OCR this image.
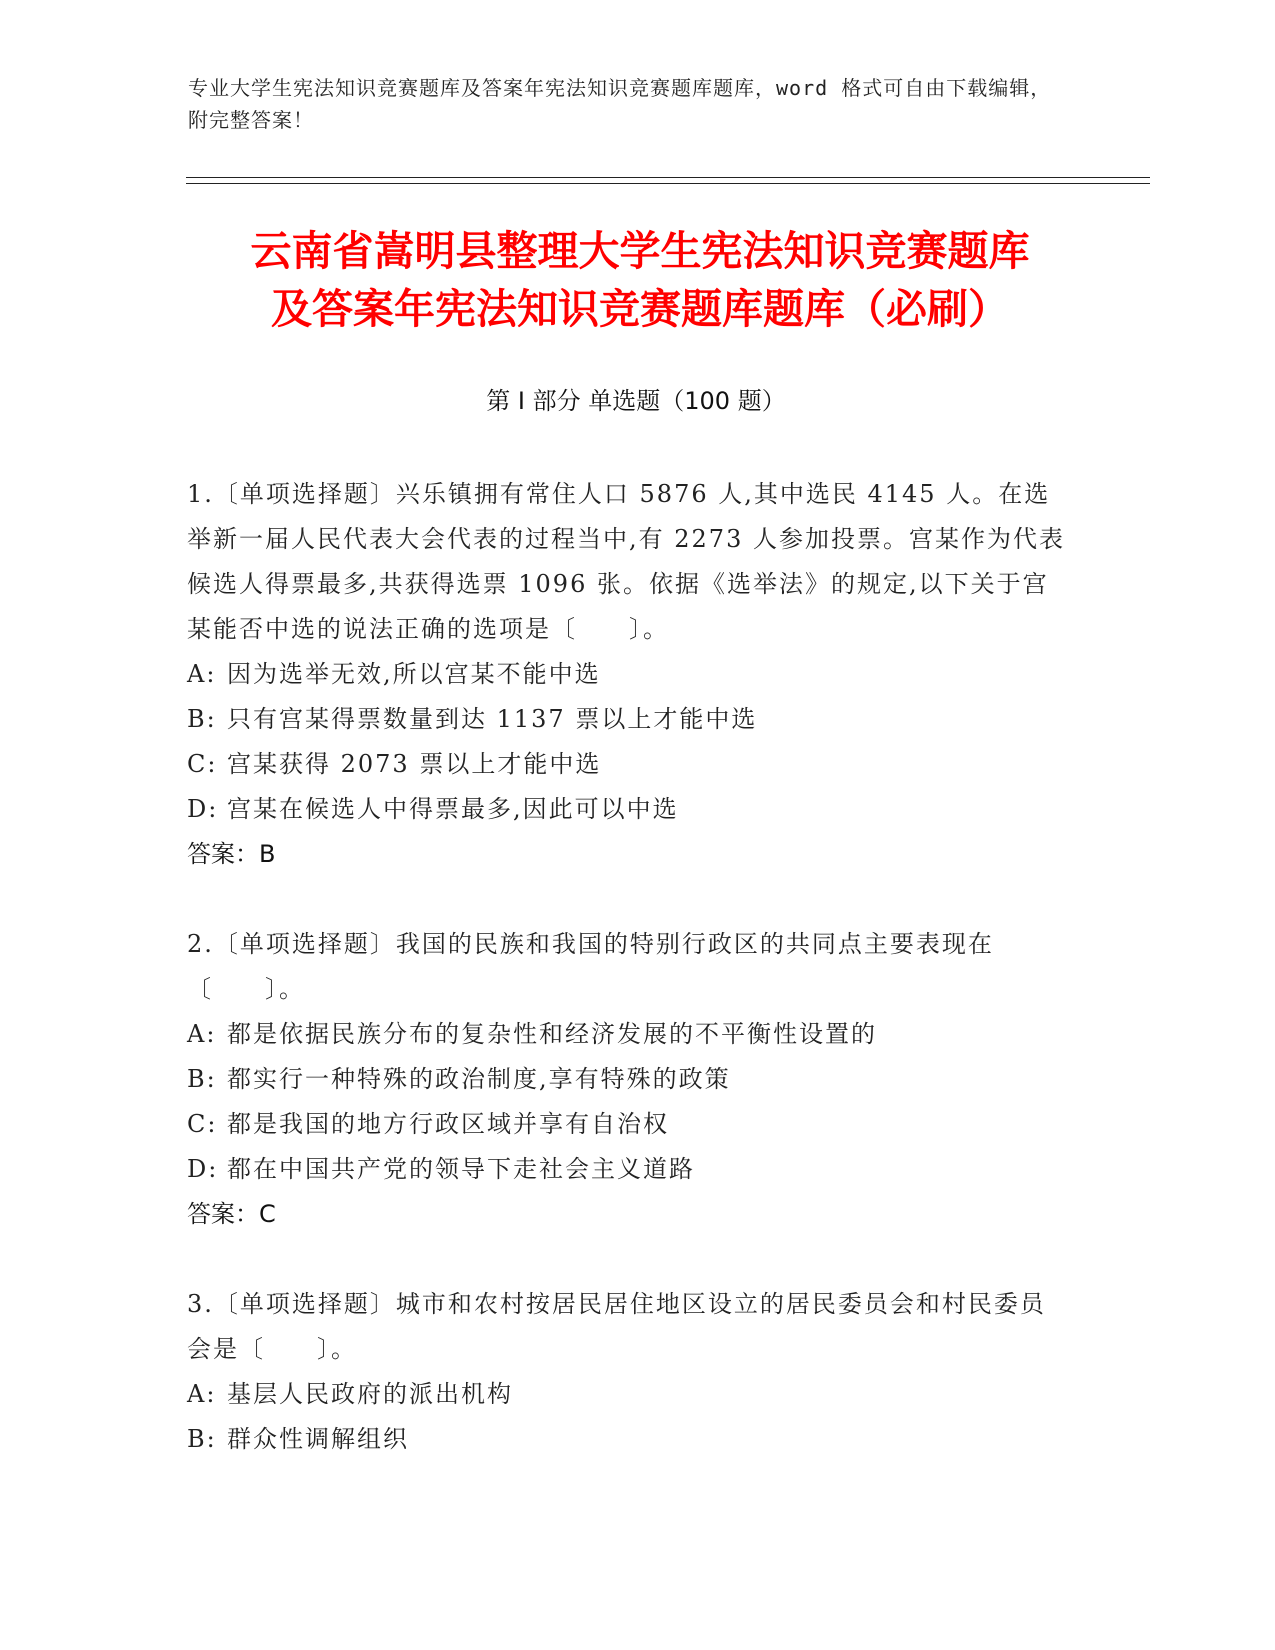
专业大学生宪法知识竞赛题库及答案年宪法知识竞赛题库题库，word 格式可自由下载编辑，附完整答案！
云南省嵩明县整理大学生宪法知识竞赛题库
及答案年宪法知识竞赛题库题库（必刷）
第 I 部分 单选题（100 题）
1.〔单项选择题〕兴乐镇拥有常住人口 5876 人,其中选民 4145 人。在选举新一届人民代表大会代表的过程当中,有 2273 人参加投票。宫某作为代表候选人得票最多,共获得选票 1096 张。依据《选举法》的规定,以下关于宫某能否中选的说法正确的选项是〔　　〕。
A: 因为选举无效,所以宫某不能中选
B: 只有宫某得票数量到达 1137 票以上才能中选
C: 宫某获得 2073 票以上才能中选
D: 宫某在候选人中得票最多,因此可以中选
答案：B
2.〔单项选择题〕我国的民族和我国的特别行政区的共同点主要表现在〔　　〕。
A: 都是依据民族分布的复杂性和经济发展的不平衡性设置的
B: 都实行一种特殊的政治制度,享有特殊的政策
C: 都是我国的地方行政区域并享有自治权
D: 都在中国共产党的领导下走社会主义道路
答案：C
3.〔单项选择题〕城市和农村按居民居住地区设立的居民委员会和村民委员会是〔　　〕。
A: 基层人民政府的派出机构
B: 群众性调解组织
